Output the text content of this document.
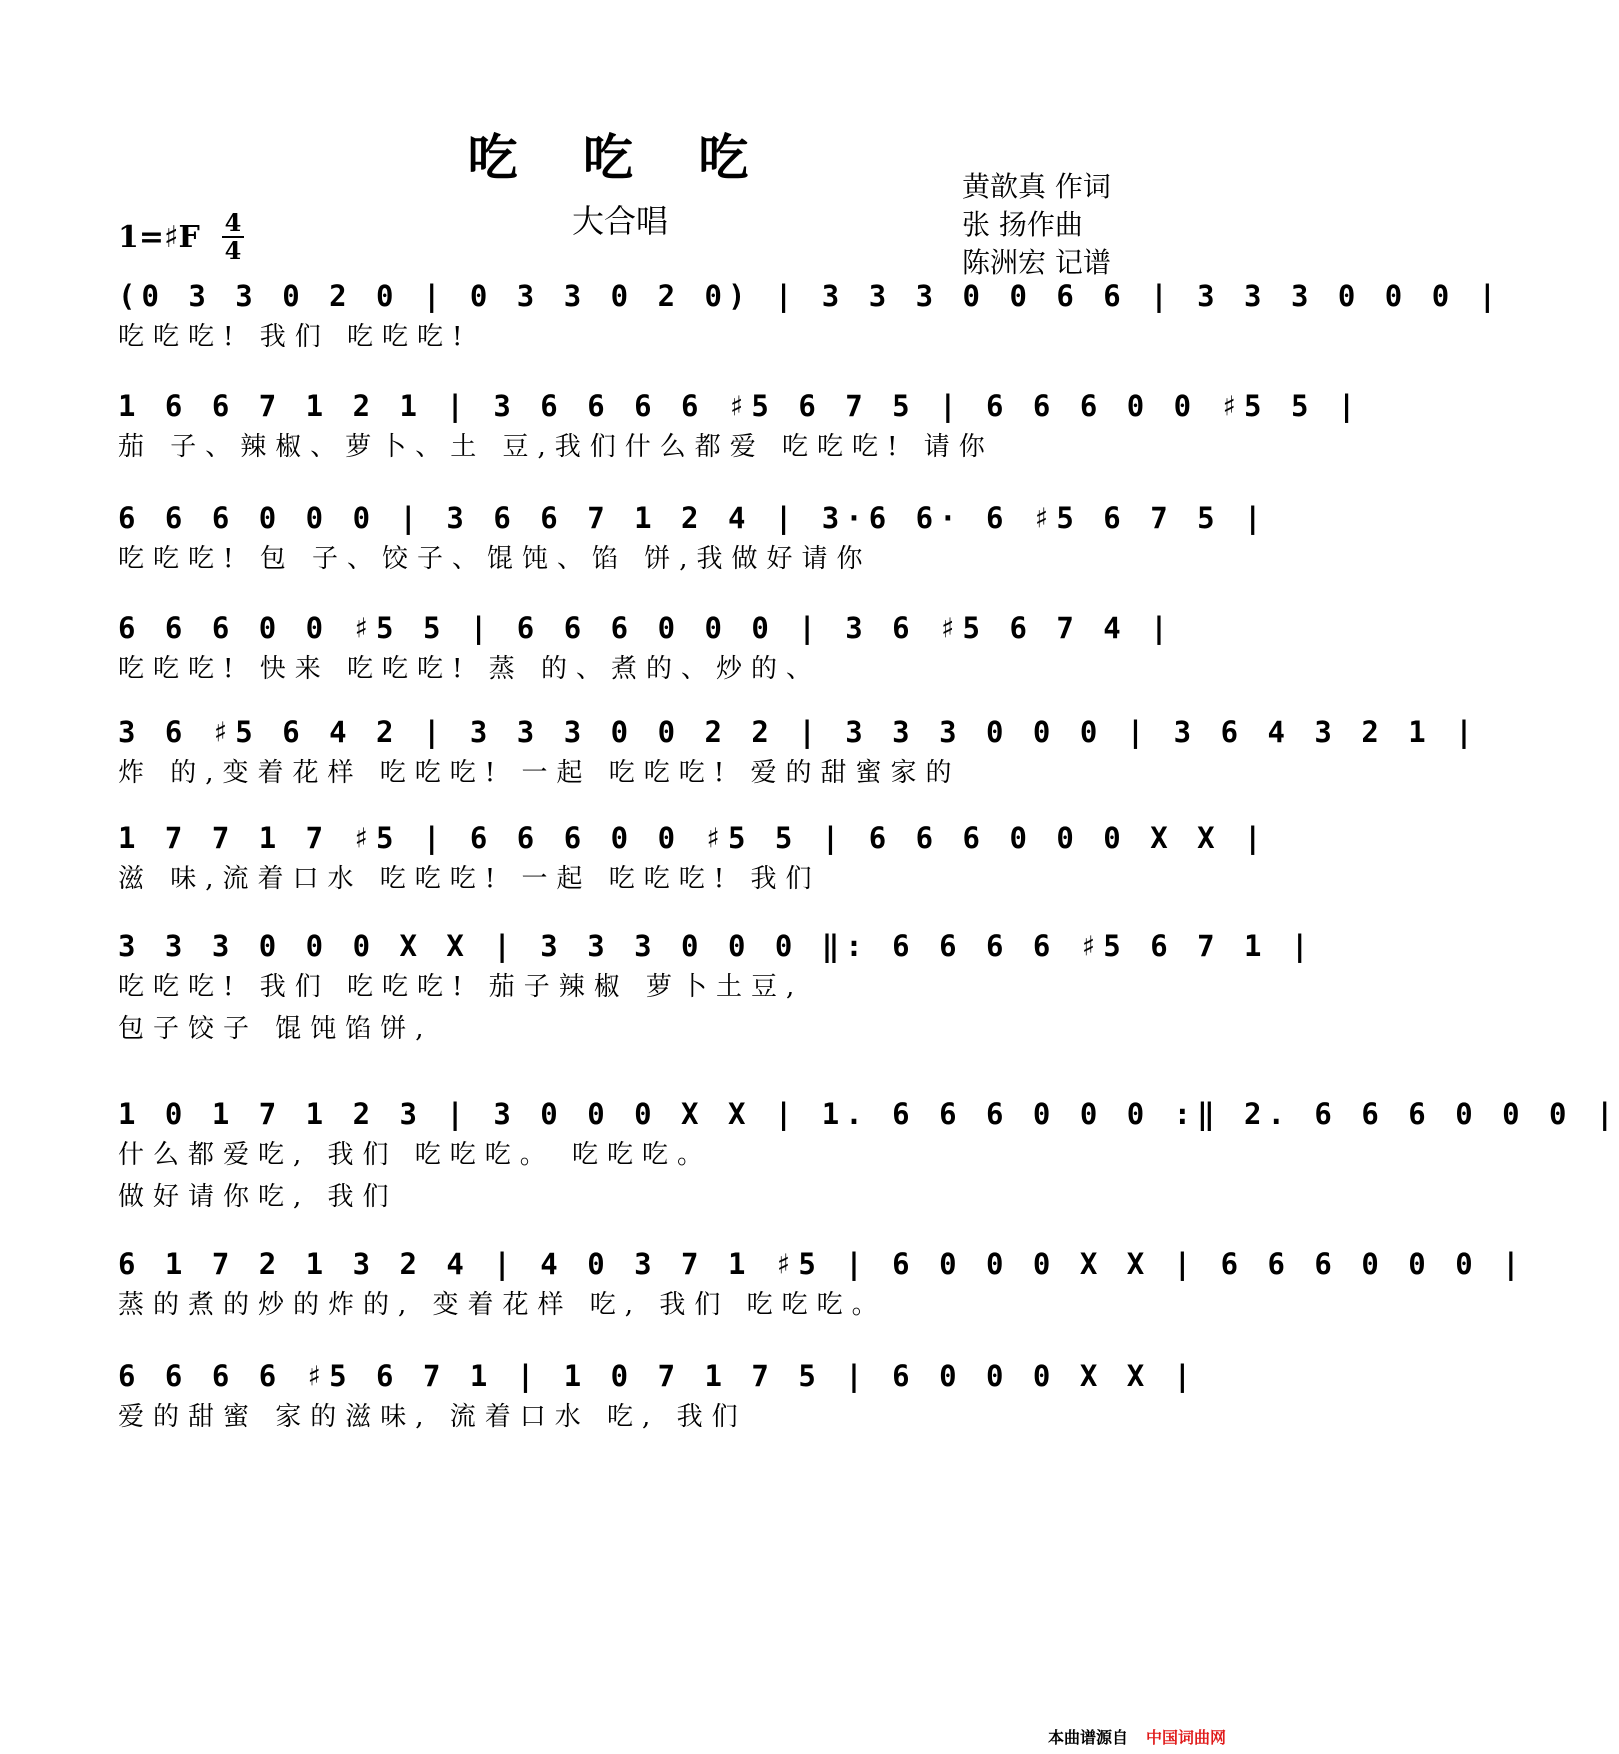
吃 吃 吃
大合唱
黄歆真 作词
张 扬作曲
陈洲宏 记谱
1=♯F 4
4
(0 3 3 0 2 0 | 0 3 3 0 2 0) | 3 3 3 0 0 6 6 | 3 3 3 0 0 0 |
吃吃吃! 我们 吃吃吃!
1 6 6 7 1 2 1 | 3 6 6 6 6 ♯5 6 7 5 | 6 6 6 0 0 ♯5 5 |
茄 子、辣椒、萝卜、土 豆,我们什么都爱 吃吃吃! 请你
6 6 6 0 0 0 | 3 6 6 7 1 2 4 | 3·6 6· 6 ♯5 6 7 5 |
吃吃吃! 包 子、饺子、馄饨、馅 饼,我做好请你
6 6 6 0 0 ♯5 5 | 6 6 6 0 0 0 | 3 6 ♯5 6 7 4 |
吃吃吃! 快来 吃吃吃! 蒸 的、煮的、炒的、
3 6 ♯5 6 4 2 | 3 3 3 0 0 2 2 | 3 3 3 0 0 0 | 3 6 4 3 2 1 |
炸 的,变着花样 吃吃吃! 一起 吃吃吃! 爱的甜蜜家的
1 7 7 1 7 ♯5 | 6 6 6 0 0 ♯5 5 | 6 6 6 0 0 0 X X |
滋 味,流着口水 吃吃吃! 一起 吃吃吃! 我们
3 3 3 0 0 0 X X | 3 3 3 0 0 0 ‖: 6 6 6 6 ♯5 6 7 1 |
吃吃吃! 我们 吃吃吃! 茄子辣椒 萝卜土豆,
包子饺子 馄饨馅饼,
1 0 1 7 1 2 3 | 3 0 0 0 X X | 1. 6 6 6 0 0 0 :‖ 2. 6 6 6 0 0 0 |
什么都爱吃, 我们 吃吃吃。 吃吃吃。
做好请你吃, 我们
6 1 7 2 1 3 2 4 | 4 0 3 7 1 ♯5 | 6 0 0 0 X X | 6 6 6 0 0 0 |
蒸的煮的炒的炸的, 变着花样 吃, 我们 吃吃吃。
6 6 6 6 ♯5 6 7 1 | 1 0 7 1 7 5 | 6 0 0 0 X X |
爱的甜蜜 家的滋味, 流着口水 吃, 我们
本曲谱源自 中国词曲网
